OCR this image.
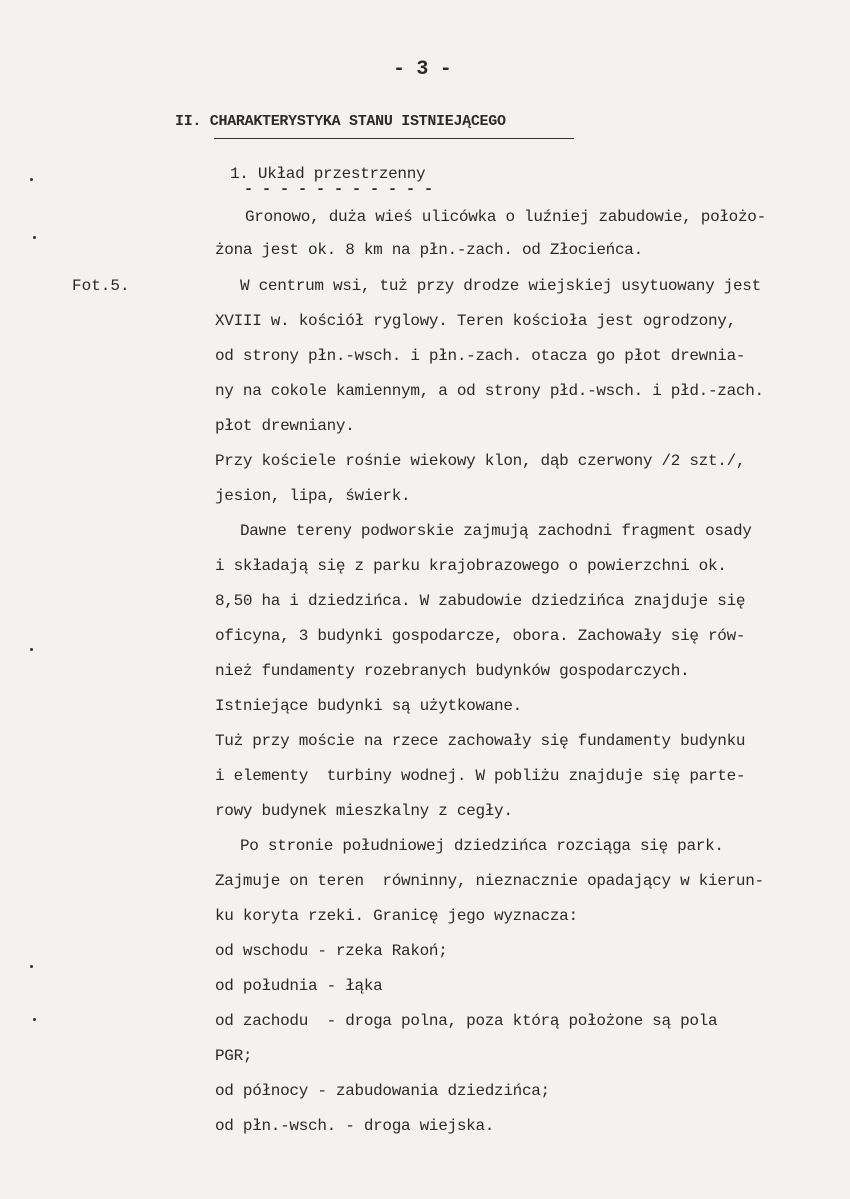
- 3 -
II. CHARAKTERYSTYKA STANU ISTNIEJĄCEGO
1. Układ przestrzenny
- - - - - - - - - - -
Fot.5.
Gronowo, duża wieś ulicówka o luźniej zabudowie, położo-
żona jest ok. 8 km na płn.-zach. od Złocieńca.
W centrum wsi, tuż przy drodze wiejskiej usytuowany jest
XVIII w. kościół ryglowy. Teren kościoła jest ogrodzony,
od strony płn.-wsch. i płn.-zach. otacza go płot drewnia-
ny na cokole kamiennym, a od strony płd.-wsch. i płd.-zach.
płot drewniany.
Przy kościele rośnie wiekowy klon, dąb czerwony /2 szt./,
jesion, lipa, świerk.
Dawne tereny podworskie zajmują zachodni fragment osady
i składają się z parku krajobrazowego o powierzchni ok.
8,50 ha i dziedzińca. W zabudowie dziedzińca znajduje się
oficyna, 3 budynki gospodarcze, obora. Zachowały się rów-
nież fundamenty rozebranych budynków gospodarczych.
Istniejące budynki są użytkowane.
Tuż przy moście na rzece zachowały się fundamenty budynku
i elementy  turbiny wodnej. W pobliżu znajduje się parte-
rowy budynek mieszkalny z cegły.
Po stronie południowej dziedzińca rozciąga się park.
Zajmuje on teren  równinny, nieznacznie opadający w kierun-
ku koryta rzeki. Granicę jego wyznacza:
od wschodu - rzeka Rakoń;
od południa - łąka
od zachodu  - droga polna, poza którą położone są pola
PGR;
od północy - zabudowania dziedzińca;
od płn.-wsch. - droga wiejska.
